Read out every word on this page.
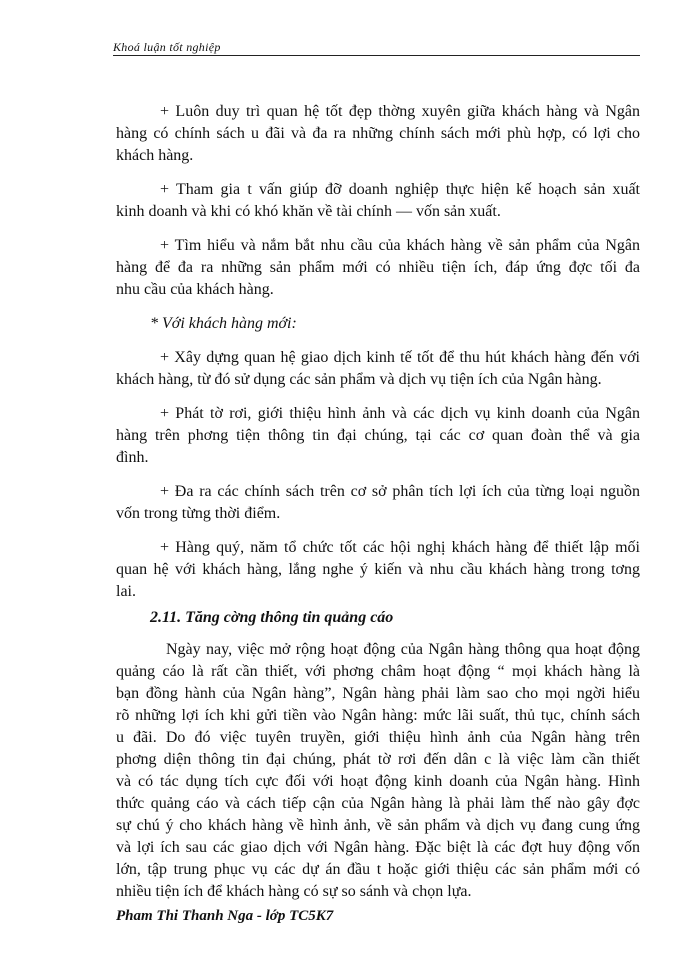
Khoá luận tốt nghiệp
+ Luôn duy trì quan hệ tốt đẹp thờng xuyên giữa khách hàng và Ngân
hàng có chính sách u đãi và đa ra những chính sách mới phù hợp, có lợi cho
khách hàng.
+ Tham gia t vấn giúp đỡ doanh nghiệp thực hiện kế hoạch sản xuất
kinh doanh và khi có khó khăn về tài chính — vốn sản xuất.
+ Tìm hiểu và nắm bắt nhu cầu của khách hàng về sản phẩm của Ngân
hàng để đa ra những sản phẩm mới có nhiều tiện ích, đáp ứng đợc tối đa
nhu cầu của khách hàng.
* Với khách hàng mới:
+ Xây dựng quan hệ giao dịch kinh tế tốt để thu hút khách hàng đến với
khách hàng, từ đó sử dụng các sản phẩm và dịch vụ tiện ích của Ngân hàng.
+ Phát tờ rơi, giới thiệu hình ảnh và các dịch vụ kinh doanh của Ngân
hàng trên phơng tiện thông tin đại chúng, tại các cơ quan đoàn thể và gia
đình.
+ Đa ra các chính sách trên cơ sở phân tích lợi ích của từng loại nguồn
vốn trong từng thời điểm.
+ Hàng quý, năm tổ chức tốt các hội nghị khách hàng để thiết lập mối
quan hệ với khách hàng, lắng nghe ý kiến và nhu cầu khách hàng trong tơng
lai.
2.11. Tăng cờng thông tin quảng cáo
Ngày nay, việc mở rộng hoạt động của Ngân hàng thông qua hoạt động
quảng cáo là rất cần thiết, với phơng châm hoạt động “ mọi khách hàng là
bạn đồng hành của Ngân hàng”, Ngân hàng phải làm sao cho mọi ngời hiểu
rõ những lợi ích khi gửi tiền vào Ngân hàng: mức lãi suất, thủ tục, chính sách
u đãi. Do đó việc tuyên truyền, giới thiệu hình ảnh của Ngân hàng trên
phơng diện thông tin đại chúng, phát tờ rơi đến dân c là việc làm cần thiết
và có tác dụng tích cực đối với hoạt động kinh doanh của Ngân hàng. Hình
thức quảng cáo và cách tiếp cận của Ngân hàng là phải làm thế nào gây đợc
sự chú ý cho khách hàng về hình ảnh, về sản phẩm và dịch vụ đang cung ứng
và lợi ích sau các giao dịch với Ngân hàng. Đặc biệt là các đợt huy động vốn
lớn, tập trung phục vụ các dự án đầu t hoặc giới thiệu các sản phẩm mới có
nhiều tiện ích để khách hàng có sự so sánh và chọn lựa.
Pham Thi Thanh Nga - lớp TC5K7
